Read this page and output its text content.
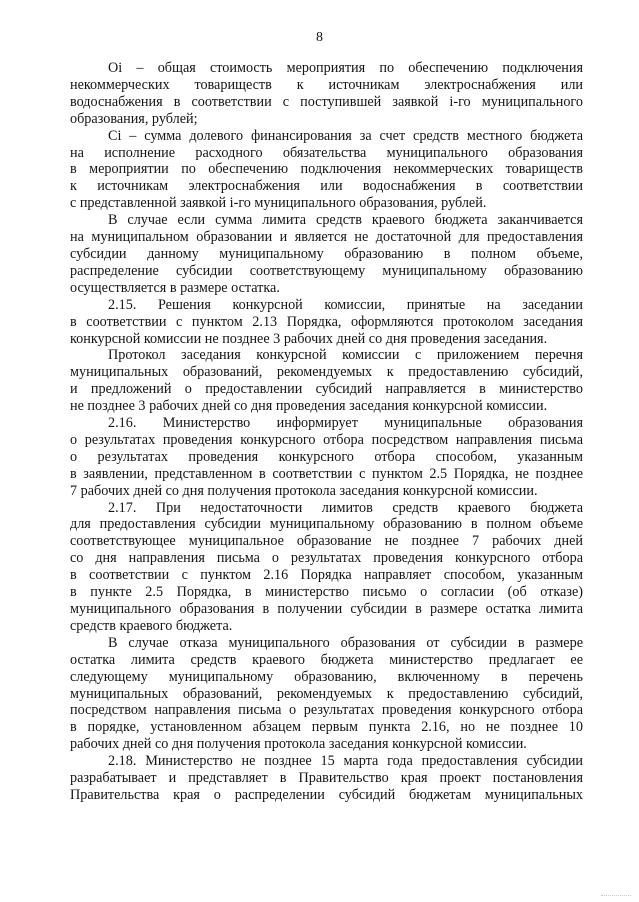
8

Oi – общая стоимость мероприятия по обеспечению подключения
некоммерческих товариществ к источникам электроснабжения или
водоснабжения в соответствии с поступившей заявкой i-го муниципального
образования, рублей;

Ci – сумма долевого финансирования за счет средств местного бюджета
на исполнение расходного обязательства муниципального образования
в мероприятии по обеспечению подключения некоммерческих товариществ
к источникам электроснабжения или водоснабжения в соответствии
с представленной заявкой i-го муниципального образования, рублей.

В случае если сумма лимита средств краевого бюджета заканчивается
на муниципальном образовании и является не достаточной для предоставления
субсидии данному муниципальному образованию в полном объеме,
распределение субсидии соответствующему муниципальному образованию
осуществляется в размере остатка.

2.15. Решения конкурсной комиссии, принятые на заседании
в соответствии с пунктом 2.13 Порядка, оформляются протоколом заседания
конкурсной комиссии не позднее 3 рабочих дней со дня проведения заседания.

Протокол заседания конкурсной комиссии с приложением перечня
муниципальных образований, рекомендуемых к предоставлению субсидий,
и предложений о предоставлении субсидий направляется в министерство
не позднее 3 рабочих дней со дня проведения заседания конкурсной комиссии.

2.16. Министерство информирует муниципальные образования
о результатах проведения конкурсного отбора посредством направления письма
о результатах проведения конкурсного отбора способом, указанным
в заявлении, представленном в соответствии с пунктом 2.5 Порядка, не позднее
7 рабочих дней со дня получения протокола заседания конкурсной комиссии.

2.17. При недостаточности лимитов средств краевого бюджета
для предоставления субсидии муниципальному образованию в полном объеме
соответствующее муниципальное образование не позднее 7 рабочих дней
со дня направления письма о результатах проведения конкурсного отбора
в соответствии с пунктом 2.16 Порядка направляет способом, указанным
в пункте 2.5 Порядка, в министерство письмо о согласии (об отказе)
муниципального образования в получении субсидии в размере остатка лимита
средств краевого бюджета.

В случае отказа муниципального образования от субсидии в размере
остатка лимита средств краевого бюджета министерство предлагает ее
следующему муниципальному образованию, включенному в перечень
муниципальных образований, рекомендуемых к предоставлению субсидий,
посредством направления письма о результатах проведения конкурсного отбора
в порядке, установленном абзацем первым пункта 2.16, но не позднее 10
рабочих дней со дня получения протокола заседания конкурсной комиссии.

2.18. Министерство не позднее 15 марта года предоставления субсидии
разрабатывает и представляет в Правительство края проект постановления
Правительства края о распределении субсидий бюджетам муниципальных
